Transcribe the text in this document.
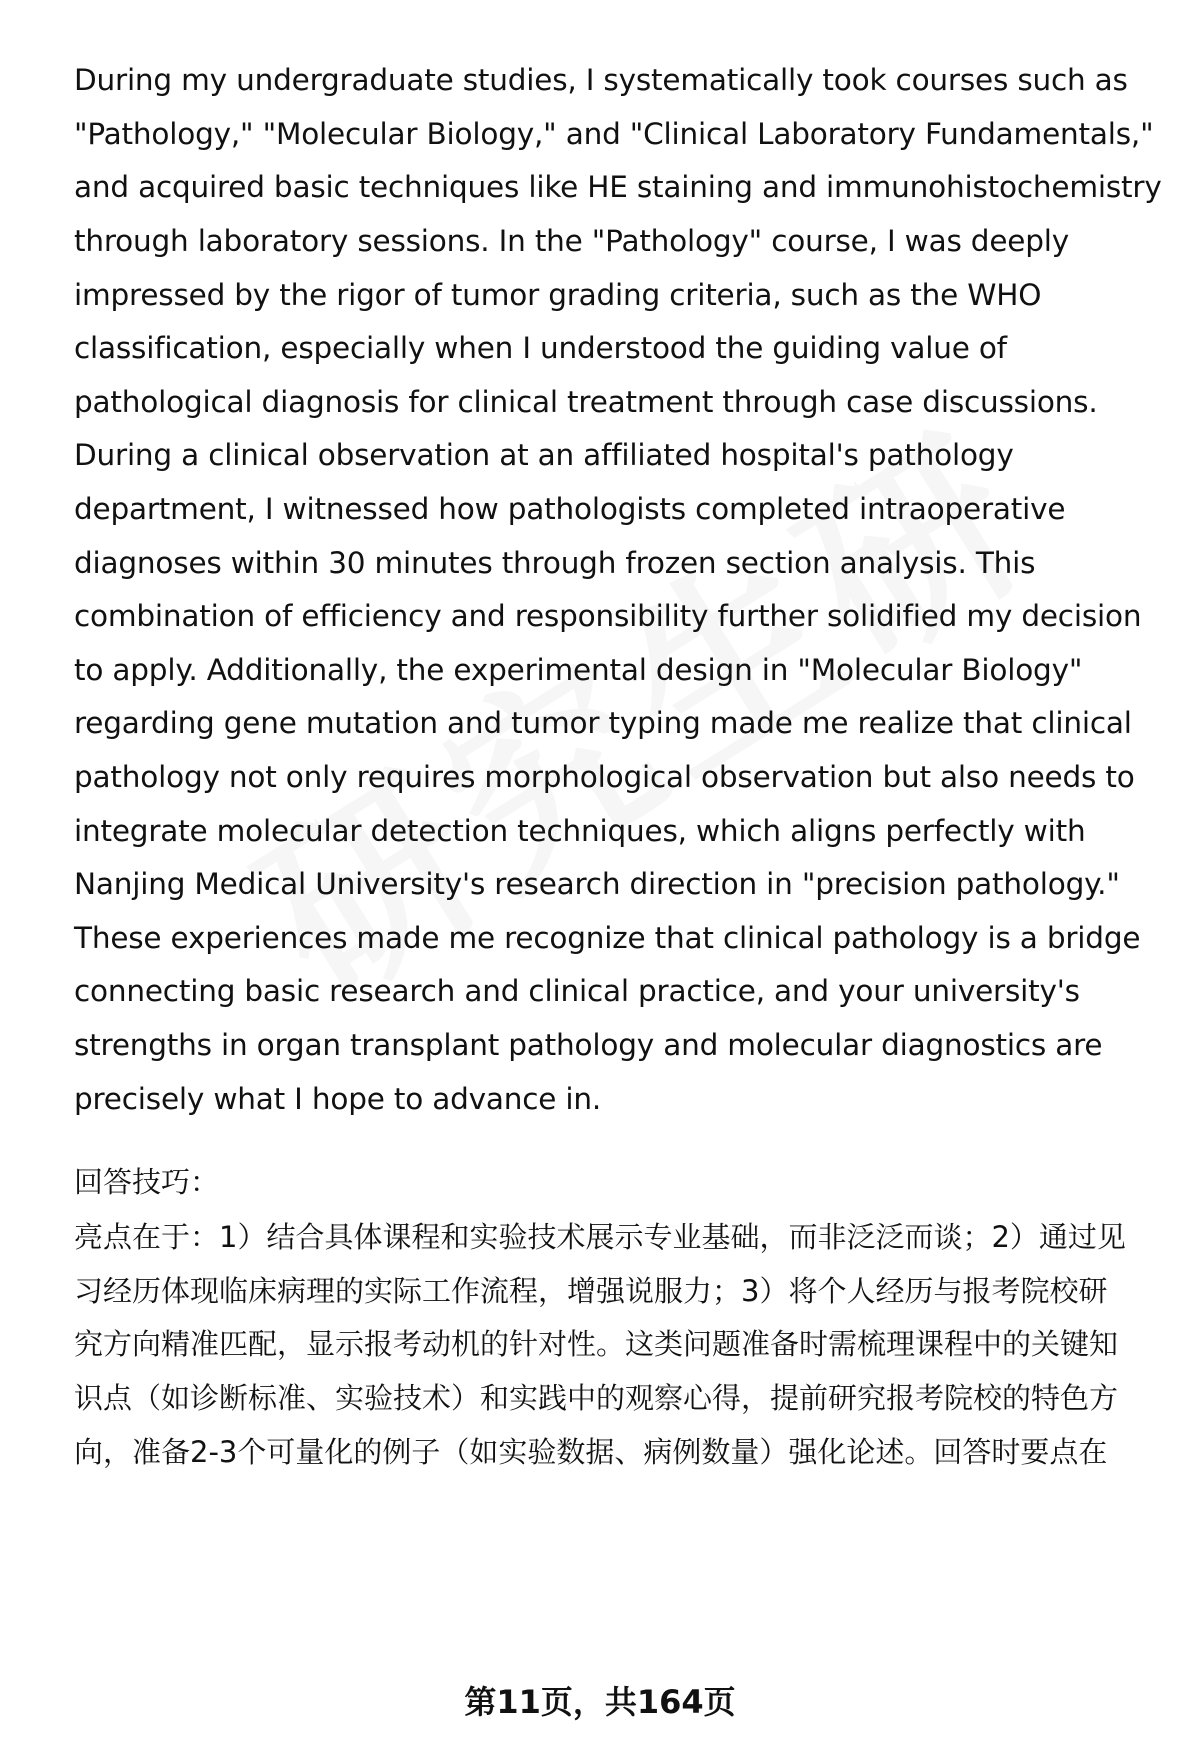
During my undergraduate studies, I systematically took courses such as
"Pathology," "Molecular Biology," and "Clinical Laboratory Fundamentals,"
and acquired basic techniques like HE staining and immunohistochemistry
through laboratory sessions. In the "Pathology" course, I was deeply
impressed by the rigor of tumor grading criteria, such as the WHO
classification, especially when I understood the guiding value of
pathological diagnosis for clinical treatment through case discussions.
During a clinical observation at an affiliated hospital's pathology
department, I witnessed how pathologists completed intraoperative
diagnoses within 30 minutes through frozen section analysis. This
combination of efficiency and responsibility further solidified my decision
to apply. Additionally, the experimental design in "Molecular Biology"
regarding gene mutation and tumor typing made me realize that clinical
pathology not only requires morphological observation but also needs to
integrate molecular detection techniques, which aligns perfectly with
Nanjing Medical University's research direction in "precision pathology."
These experiences made me recognize that clinical pathology is a bridge
connecting basic research and clinical practice, and your university's
strengths in organ transplant pathology and molecular diagnostics are
precisely what I hope to advance in.
回答技巧：
亮点在于：1）结合具体课程和实验技术展示专业基础，而非泛泛而谈；2）通过见
习经历体现临床病理的实际工作流程，增强说服力；3）将个人经历与报考院校研
究方向精准匹配，显示报考动机的针对性。这类问题准备时需梳理课程中的关键知
识点（如诊断标准、实验技术）和实践中的观察心得，提前研究报考院校的特色方
向，准备2-3个可量化的例子（如实验数据、病例数量）强化论述。回答时要点在
第11页，共164页
